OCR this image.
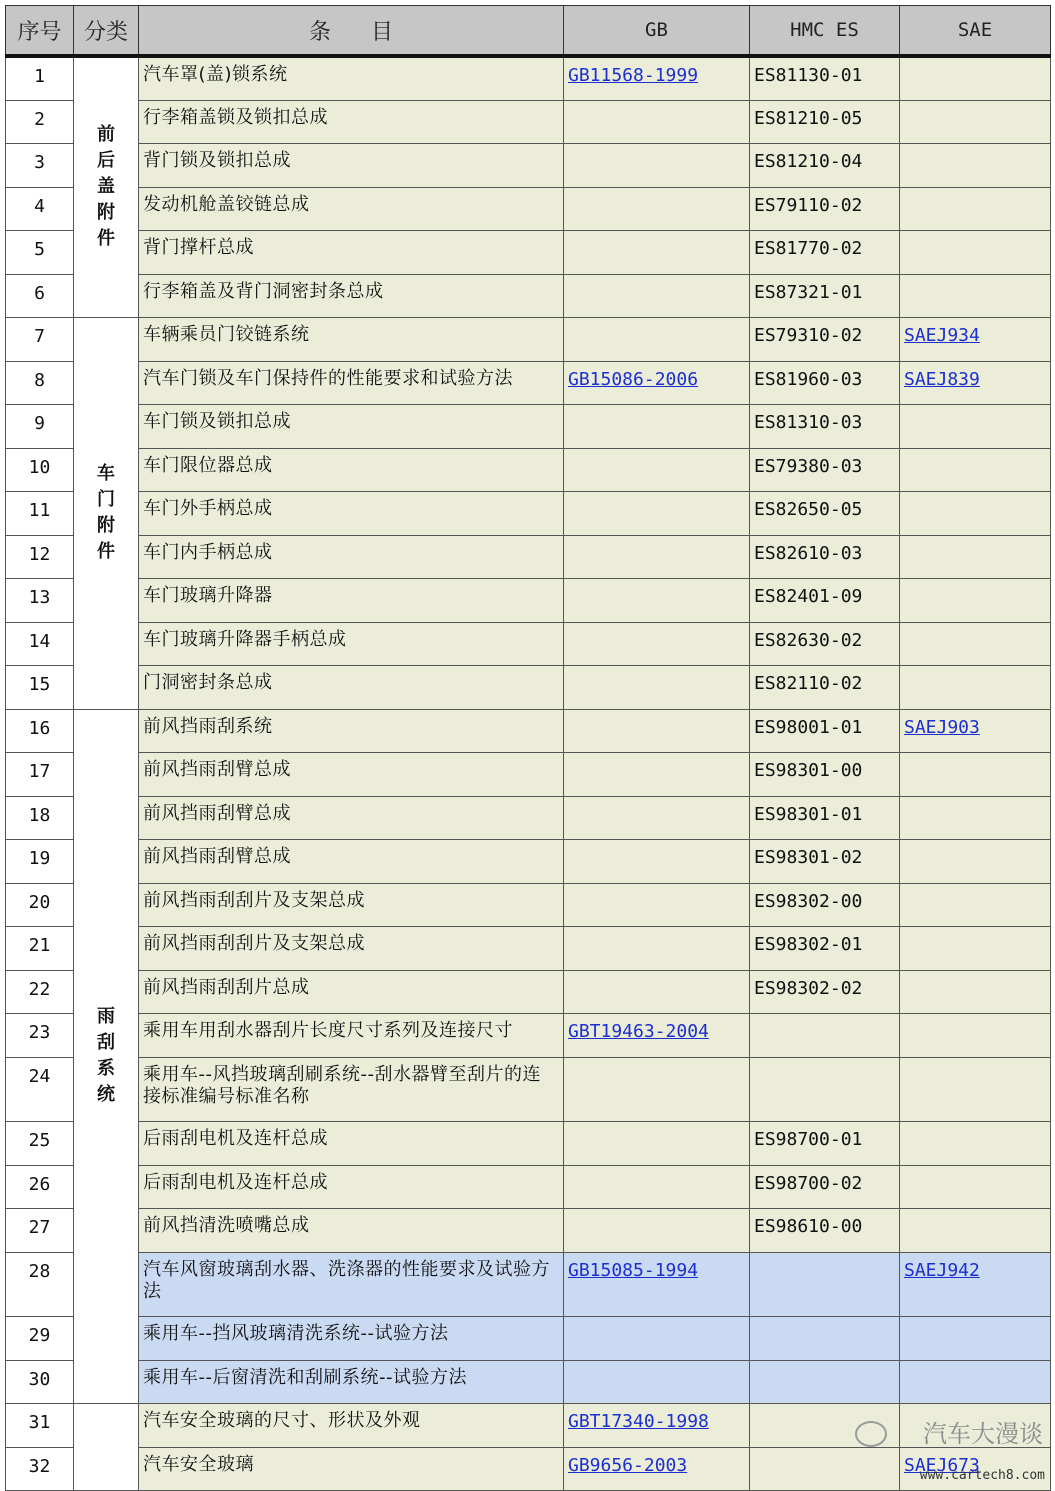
序号	分类	条目	GB	HMC ES	SAE
1	前后盖附件	汽车罩(盖)锁系统	GB11568-1999	ES81130-01	
2		行李箱盖锁及锁扣总成		ES81210-05	
3		背门锁及锁扣总成		ES81210-04	
4		发动机舱盖铰链总成		ES79110-02	
5		背门撑杆总成		ES81770-02	
6		行李箱盖及背门洞密封条总成		ES87321-01	
7	车门附件	车辆乘员门铰链系统		ES79310-02	SAEJ934
8		汽车门锁及车门保持件的性能要求和试验方法	GB15086-2006	ES81960-03	SAEJ839
9		车门锁及锁扣总成		ES81310-03	
10		车门限位器总成		ES79380-03	
11		车门外手柄总成		ES82650-05	
12		车门内手柄总成		ES82610-03	
13		车门玻璃升降器		ES82401-09	
14		车门玻璃升降器手柄总成		ES82630-02	
15		门洞密封条总成		ES82110-02	
16	雨刮系统	前风挡雨刮系统		ES98001-01	SAEJ903
17		前风挡雨刮臂总成		ES98301-00	
18		前风挡雨刮臂总成		ES98301-01	
19		前风挡雨刮臂总成		ES98301-02	
20		前风挡雨刮刮片及支架总成		ES98302-00	
21		前风挡雨刮刮片及支架总成		ES98302-01	
22		前风挡雨刮刮片总成		ES98302-02	
23		乘用车用刮水器刮片长度尺寸系列及连接尺寸	GBT19463-2004		
24		乘用车--风挡玻璃刮刷系统--刮水器臂至刮片的连接标准编号标准名称			
25		后雨刮电机及连杆总成		ES98700-01	
26		后雨刮电机及连杆总成		ES98700-02	
27		前风挡清洗喷嘴总成		ES98610-00	
28		汽车风窗玻璃刮水器、洗涤器的性能要求及试验方法	GB15085-1994		SAEJ942
29		乘用车--挡风玻璃清洗系统--试验方法			
30		乘用车--后窗清洗和刮刷系统--试验方法			
31		汽车安全玻璃的尺寸、形状及外观	GBT17340-1998		
32		汽车安全玻璃	GB9656-2003		SAEJ673
汽车大漫谈
www.cartech8.com
